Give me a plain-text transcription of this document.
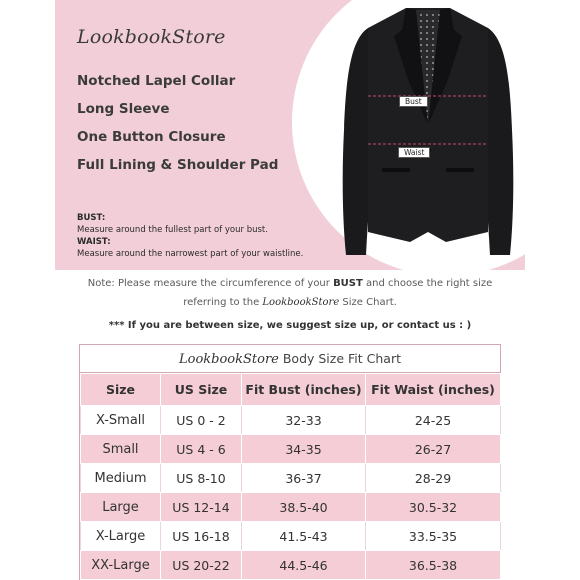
LookbookStore
Notched Lapel Collar
Long Sleeve
One Button Closure
Full Lining & Shoulder Pad
BUST:
Measure around the fullest part of your bust.
WAIST:
Measure around the narrowest part of your waistline.
Bust
Waist
Note: Please measure the circumference of your BUST and choose the right size
referring to the LookbookStore Size Chart.
*** If you are between size, we suggest size up, or contact us : )
LookbookStore Body Size Fit Chart
Size	US Size	Fit Bust (inches)	Fit Waist (inches)
X-Small	US 0 - 2	32-33	24-25
Small	US 4 - 6	34-35	26-27
Medium	US 8-10	36-37	28-29
Large	US 12-14	38.5-40	30.5-32
X-Large	US 16-18	41.5-43	33.5-35
XX-Large	US 20-22	44.5-46	36.5-38
